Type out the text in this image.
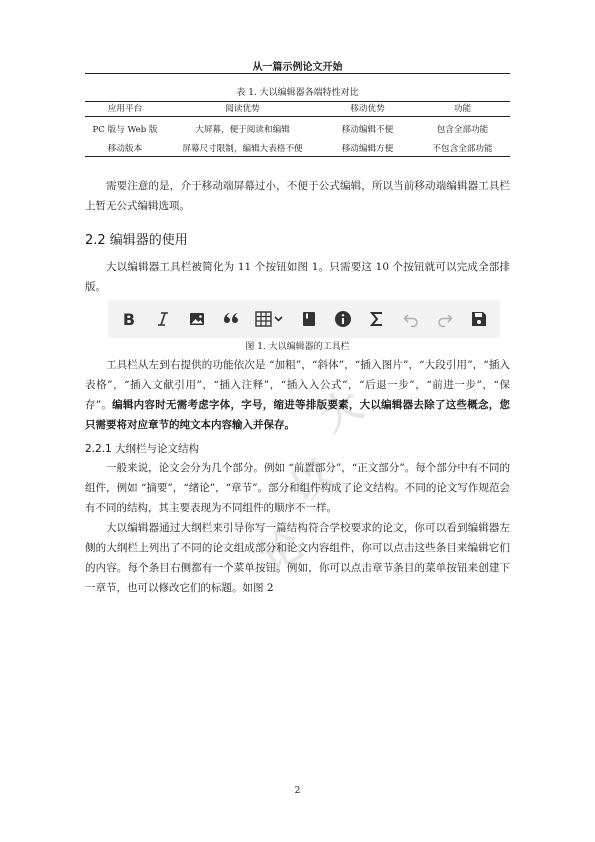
从一篇示例论文开始
表 1. 大以编辑器各端特性对比
应用平台	阅读优势	移动优势	功能
PC 版与 Web 版	大屏幕，便于阅读和编辑	移动编辑不便	包含全部功能
移动版本	屏幕尺寸限制，编辑大表格不便	移动编辑方便	不包含全部功能

需要注意的是，介于移动端屏幕过小，不便于公式编辑，所以当前移动端编辑器工具栏上暂无公式编辑选项。

2.2 编辑器的使用

大以编辑器工具栏被简化为 11 个按钮如图 1。只需要这 10 个按钮就可以完成全部排版。

B
图 1. 大以编辑器的工具栏

工具栏从左到右提供的功能依次是 “加粗”，“斜体”，“插入图片”，“大段引用”，“插入表格”，“插入文献引用”，“插入注释”，“插入入公式”，“后退一步”，“前进一步”，“保存”。编辑内容时无需考虑字体，字号，缩进等排版要素，大以编辑器去除了这些概念，您只需要将对应章节的纯文本内容输入并保存。

2.2.1 大纲栏与论文结构

一般来说，论文会分为几个部分。例如 “前置部分”，“正文部分”。每个部分中有不同的组件，例如 “摘要”，“绪论”，“章节”。部分和组件构成了论文结构。不同的论文写作规范会有不同的结构，其主要表现为不同组件的顺序不一样。

大以编辑器通过大纲栏来引导你写一篇结构符合学校要求的论文，你可以看到编辑器左侧的大纲栏上列出了不同的论文组成部分和论文内容组件，你可以点击这些条目来编辑它们的内容。每个条目右侧都有一个菜单按钮。例如，你可以点击章节条目的菜单按钮来创建下一章节，也可以修改它们的标题。如图 2

大
以
论
2
